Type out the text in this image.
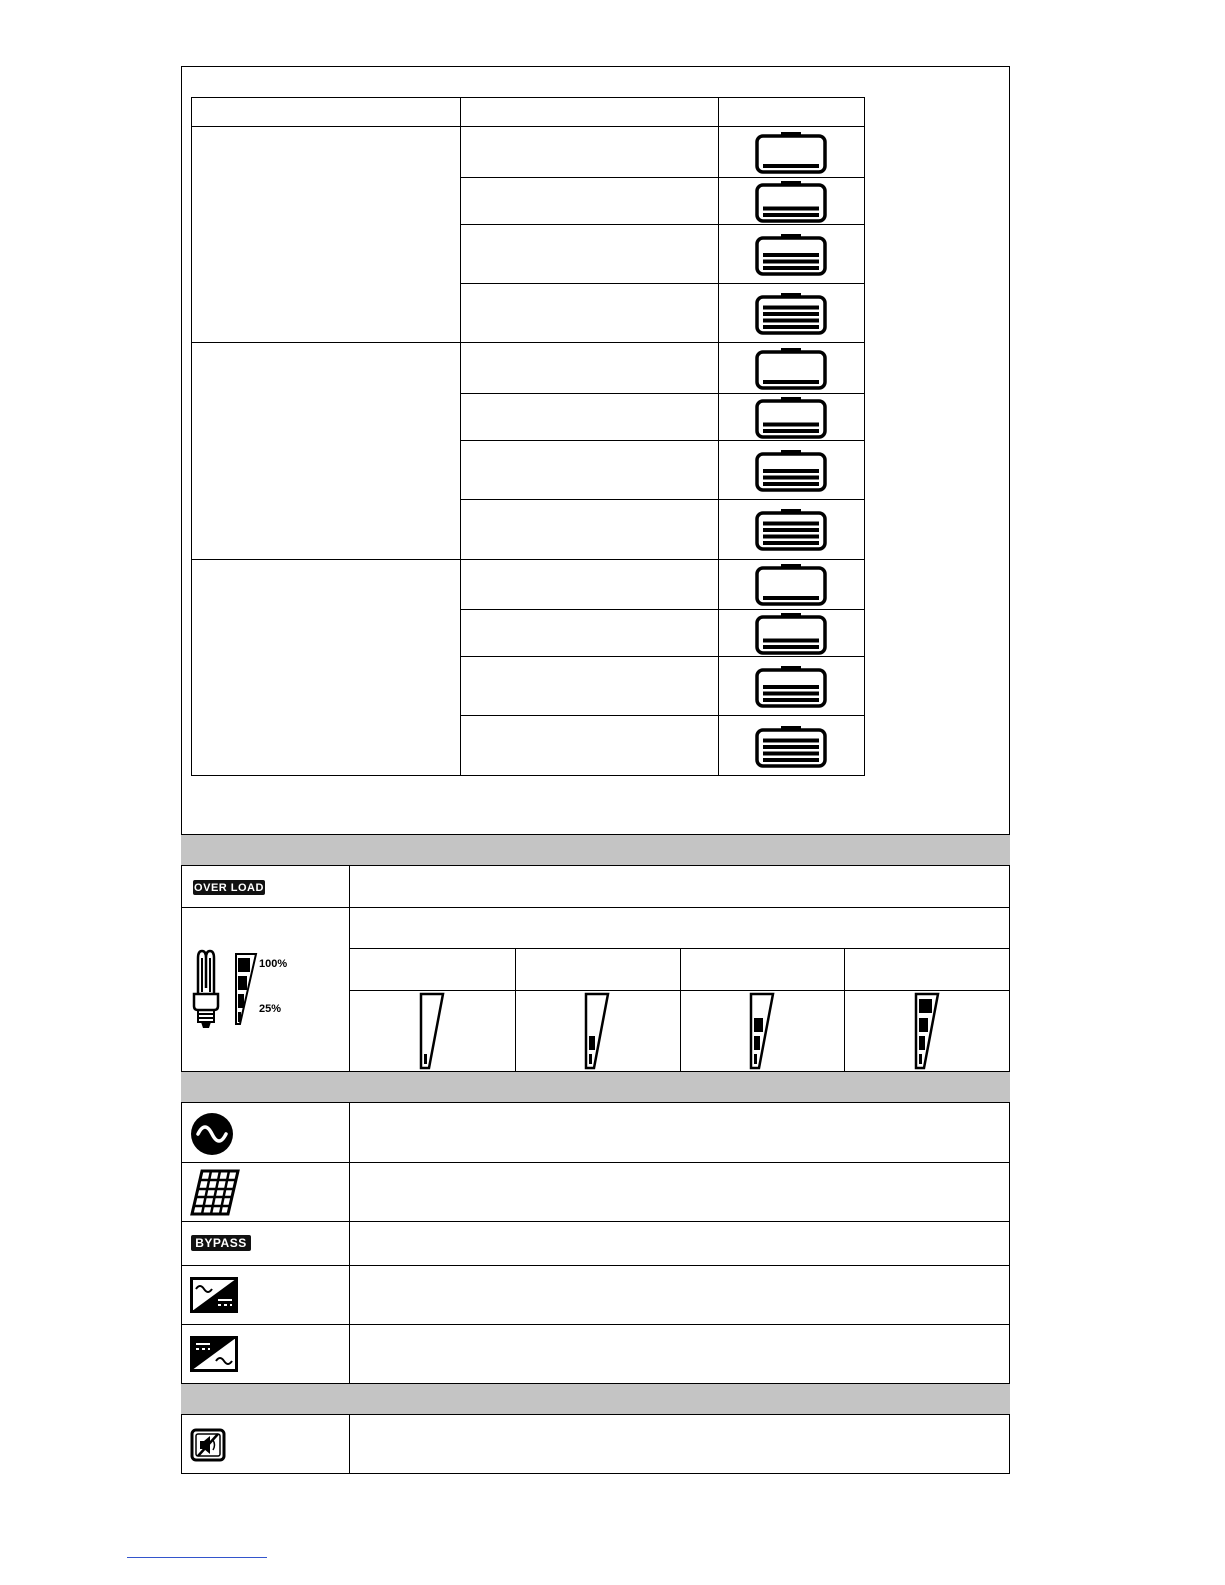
OVER LOAD
100%
25%
BYPASS
